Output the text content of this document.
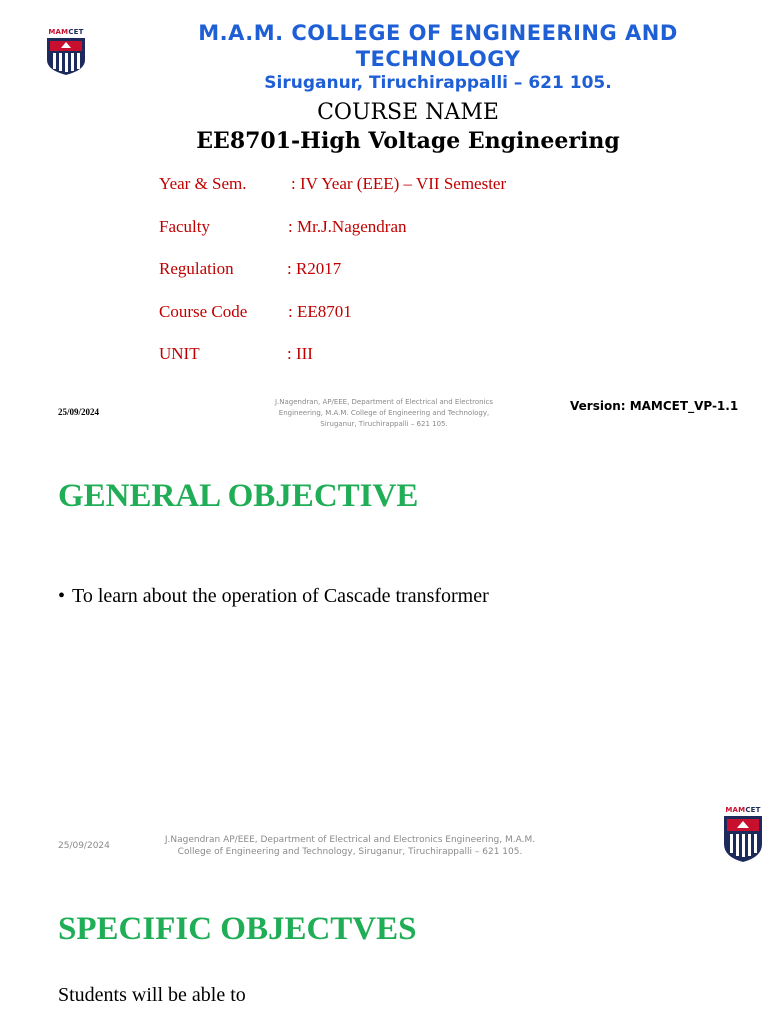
MAMCET	M.A.M. COLLEGE OF ENGINEERING AND TECHNOLOGY
Siruganur, Tiruchirappalli – 621 105.
COURSE NAME
EE8701-High Voltage Engineering
Year & Sem.	: IV Year (EEE) – VII Semester
Faculty	: Mr.J.Nagendran
Regulation	: R2017
Course Code : EE8701
UNIT	: III
25/09/2024
J.Nagendran, AP/EEE, Department of Electrical and Electronics
Engineering, M.A.M. College of Engineering and Technology,
Siruganur, Tiruchirappalli – 621 105.
Version: MAMCET_VP-1.1
GENERAL OBJECTIVE
• To learn about the operation of Cascade transformer
25/09/2024
J.Nagendran AP/EEE, Department of Electrical and Electronics Engineering, M.A.M.
College of Engineering and Technology, Siruganur, Tiruchirappalli – 621 105.
MAMCET
SPECIFIC OBJECTVES
Students will be able to
